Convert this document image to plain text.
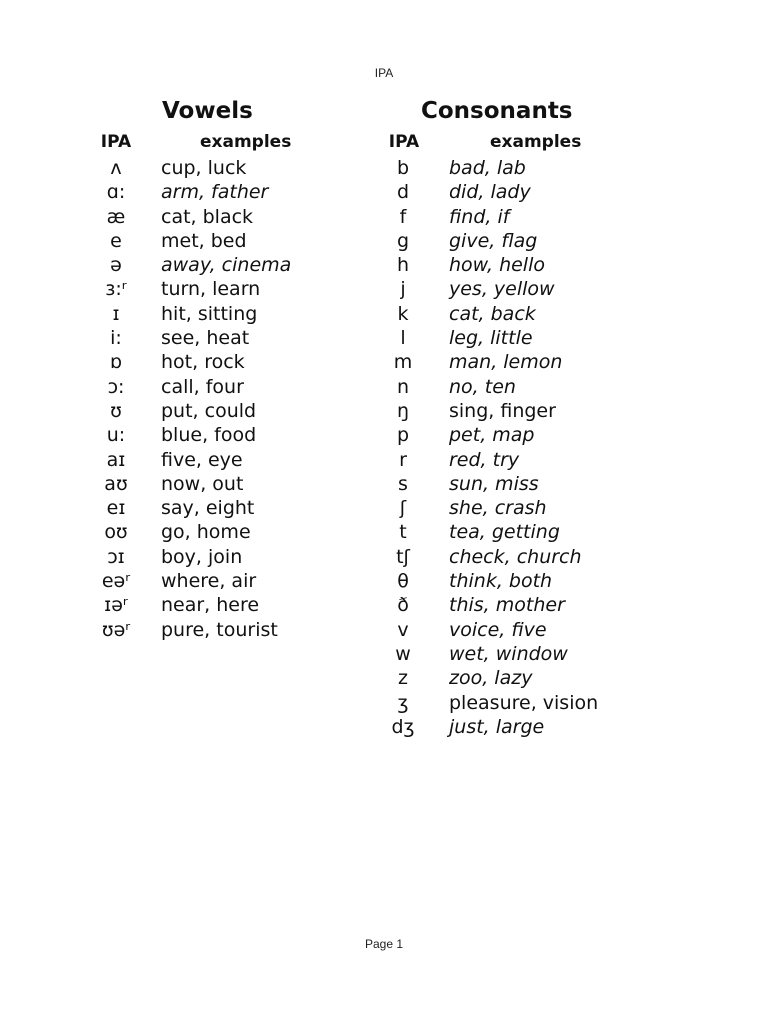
IPA
Vowels
IPA	examples
ʌ	cup, luck
ɑ:	arm, father
æ	cat, black
e	met, bed
ə	away, cinema
ɜ:ʳ	turn, learn
ɪ	hit, sitting
i:	see, heat
ɒ	hot, rock
ɔ:	call, four
ʊ	put, could
u:	blue, food
aɪ	five, eye
aʊ	now, out
eɪ	say, eight
oʊ	go, home
ɔɪ	boy, join
eəʳ	where, air
ɪəʳ	near, here
ʊəʳ	pure, tourist
Consonants
IPA	examples
b	bad, lab
d	did, lady
f	find, if
g	give, flag
h	how, hello
j	yes, yellow
k	cat, back
l	leg, little
m	man, lemon
n	no, ten
ŋ	sing, finger
p	pet, map
r	red, try
s	sun, miss
ʃ	she, crash
t	tea, getting
tʃ	check, church
θ	think, both
ð	this, mother
v	voice, five
w	wet, window
z	zoo, lazy
ʒ	pleasure, vision
dʒ	just, large
Page 1
